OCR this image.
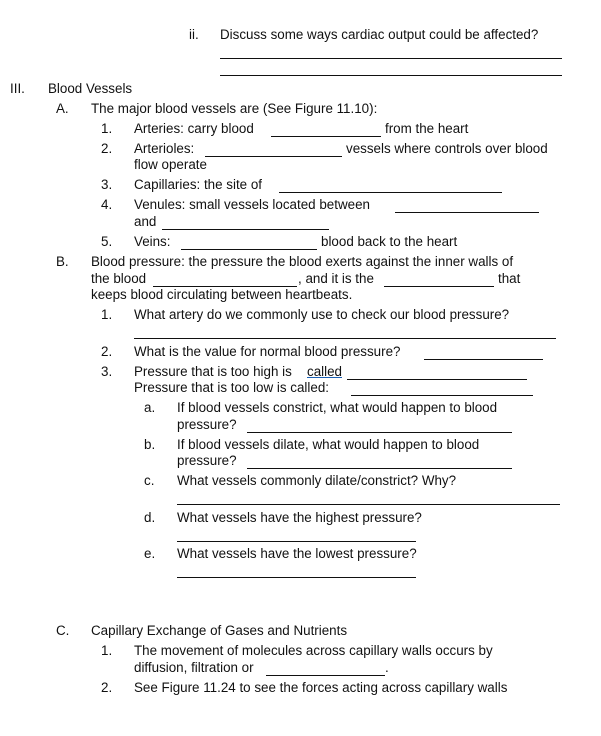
ii. Discuss some ways cardiac output could be affected?
III. Blood Vessels
A. The major blood vessels are (See Figure 11.10):
1. Arteries: carry blood	from the heart
2. Arterioles:	vessels where controls over blood
flow operate
3. Capillaries: the site of
4. Venules: small vessels located between
and
5. Veins:	blood back to the heart
B. Blood pressure: the pressure the blood exerts against the inner walls of
the blood	, and it is the	that
keeps blood circulating between heartbeats.
1. What artery do we commonly use to check our blood pressure?
2. What is the value for normal blood pressure?
3. Pressure that is too high is called
Pressure that is too low is called:
a. If blood vessels constrict, what would happen to blood
pressure?
b. If blood vessels dilate, what would happen to blood
pressure?
c. What vessels commonly dilate/constrict? Why?
d. What vessels have the highest pressure?
e. What vessels have the lowest pressure?
C. Capillary Exchange of Gases and Nutrients
1. The movement of molecules across capillary walls occurs by
diffusion, filtration or	.
2. See Figure 11.24 to see the forces acting across capillary walls
